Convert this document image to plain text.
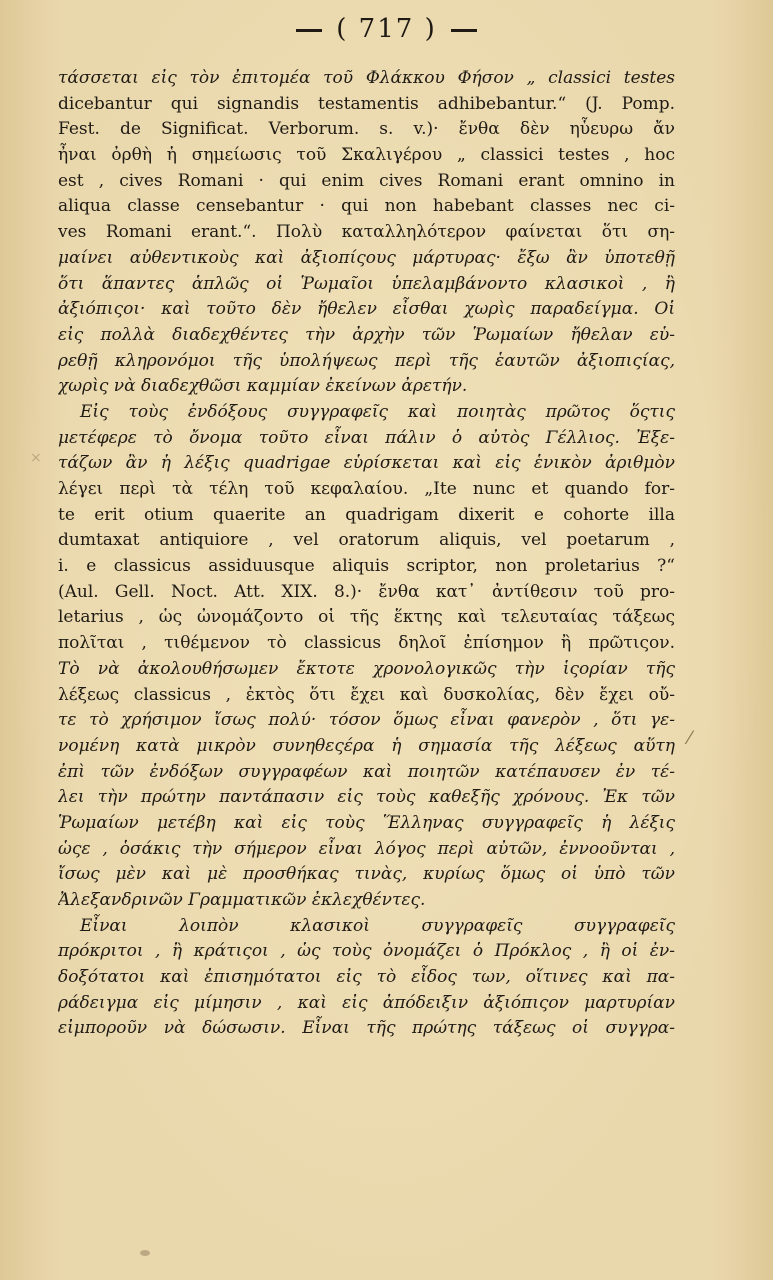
( 717 )
τάσσεται εἰς τὸν ἐπιτομέα τοῦ Φλάκκου Φήσον „ classici testes
dicebantur qui signandis testamentis adhibebantur.“ (J. Pomp.
Fest. de Significat. Verborum. s. v.)· ἔνθα δὲν ηὗευρω ἄν
ἦναι ὀρθὴ ἡ σημείωσις τοῦ Σκαλιγέρου „ classici testes , hoc
est , cives Romani · qui enim cives Romani erant omnino in
aliqua classe censebantur · qui non habebant classes nec ci-
ves Romani erant.“. Πολὺ καταλληλότερον φαίνεται ὅτι ση-
μαίνει αὐθεντικοὺς καὶ ἀξιοπίςους μάρτυρας· ἔξω ἂν ὑποτεθῇ
ὅτι ἅπαντες ἁπλῶς οἱ Ῥωμαῖοι ὑπελαμβάνοντο κλασικοὶ , ἢ
ἀξιόπιςοι· καὶ τοῦτο δὲν ἤθελεν εἶσθαι χωρὶς παραδείγμα. Οἱ
εἰς πολλὰ διαδεχθέντες τὴν ἀρχὴν τῶν Ῥωμαίων ἤθελαν εὑ-
ρεθῇ κληρονόμοι τῆς ὑπολήψεως περὶ τῆς ἑαυτῶν ἀξιοπιςίας,
χωρὶς νὰ διαδεχθῶσι καμμίαν ἐκείνων ἀρετήν.
Εἰς τοὺς ἐνδόξους συγγραφεῖς καὶ ποιητὰς πρῶτος ὅςτις
μετέφερε τὸ ὄνομα τοῦτο εἶναι πάλιν ὁ αὐτὸς Γέλλιος. Ἐξε-
τάζων ἂν ἡ λέξις quadrigae εὑρίσκεται καὶ εἰς ἑνικὸν ἀριθμὸν
λέγει περὶ τὰ τέλη τοῦ κεφαλαίου. „Ite nunc et quando for-
te erit otium quaerite an quadrigam dixerit e cohorte illa
dumtaxat antiquiore , vel oratorum aliquis, vel poetarum ,
i. e classicus assiduusque aliquis scriptor, non proletarius ?“
(Aul. Gell. Noct. Att. XIX. 8.)· ἔνθα κατ᾽ ἀντίθεσιν τοῦ pro-
letarius , ὡς ὠνομάζοντο οἱ τῆς ἕκτης καὶ τελευταίας τάξεως
πολῖται , τιθέμενον τὸ classicus δηλοῖ ἐπίσημον ἢ πρῶτιςον.
Τὸ νὰ ἀκολουθήσωμεν ἔκτοτε χρονολογικῶς τὴν ἱςορίαν τῆς
λέξεως classicus , ἐκτὸς ὅτι ἔχει καὶ δυσκολίας, δὲν ἔχει οὔ-
τε τὸ χρήσιμον ἴσως πολύ· τόσον ὅμως εἶναι φανερὸν , ὅτι γε-
νομένη κατὰ μικρὸν συνηθεςέρα ἡ σημασία τῆς λέξεως αὕτη
ἐπὶ τῶν ἐνδόξων συγγραφέων καὶ ποιητῶν κατέπαυσεν ἐν τέ-
λει τὴν πρώτην παντάπασιν εἰς τοὺς καθεξῆς χρόνους. Ἐκ τῶν
Ῥωμαίων μετέβη καὶ εἰς τοὺς Ἕλληνας συγγραφεῖς ἡ λέξις
ὡςε , ὁσάκις τὴν σήμερον εἶναι λόγος περὶ αὐτῶν, ἐννοοῦνται ,
ἴσως μὲν καὶ μὲ προσθήκας τινὰς, κυρίως ὅμως οἱ ὑπὸ τῶν
Ἀλεξανδρινῶν Γραμματικῶν ἐκλεχθέντες.
Εἶναι λοιπὸν κλασικοὶ συγγραφεῖς συγγραφεῖς
πρόκριτοι , ἢ κράτιςοι , ὡς τοὺς ὀνομάζει ὁ Πρόκλος , ἢ οἱ ἐν-
δοξότατοι καὶ ἐπισημότατοι εἰς τὸ εἶδος των, οἵτινες καὶ πα-
ράδειγμα εἰς μίμησιν , καὶ εἰς ἀπόδειξιν ἀξιόπιςον μαρτυρίαν
εἰμποροῦν νὰ δώσωσιν. Εἶναι τῆς πρώτης τάξεως οἱ συγγρα-
×
⁄
